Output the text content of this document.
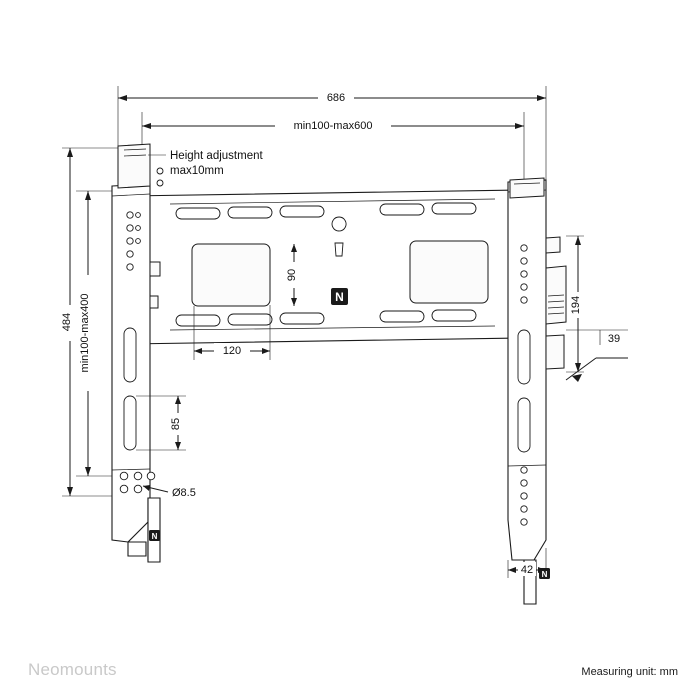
686
min100-max600
484 min100-max400
Height adjustment
max10mm
90
120
194
39
85
Ø8.5
42
N
N
N
Neomounts	Measuring unit: mm
